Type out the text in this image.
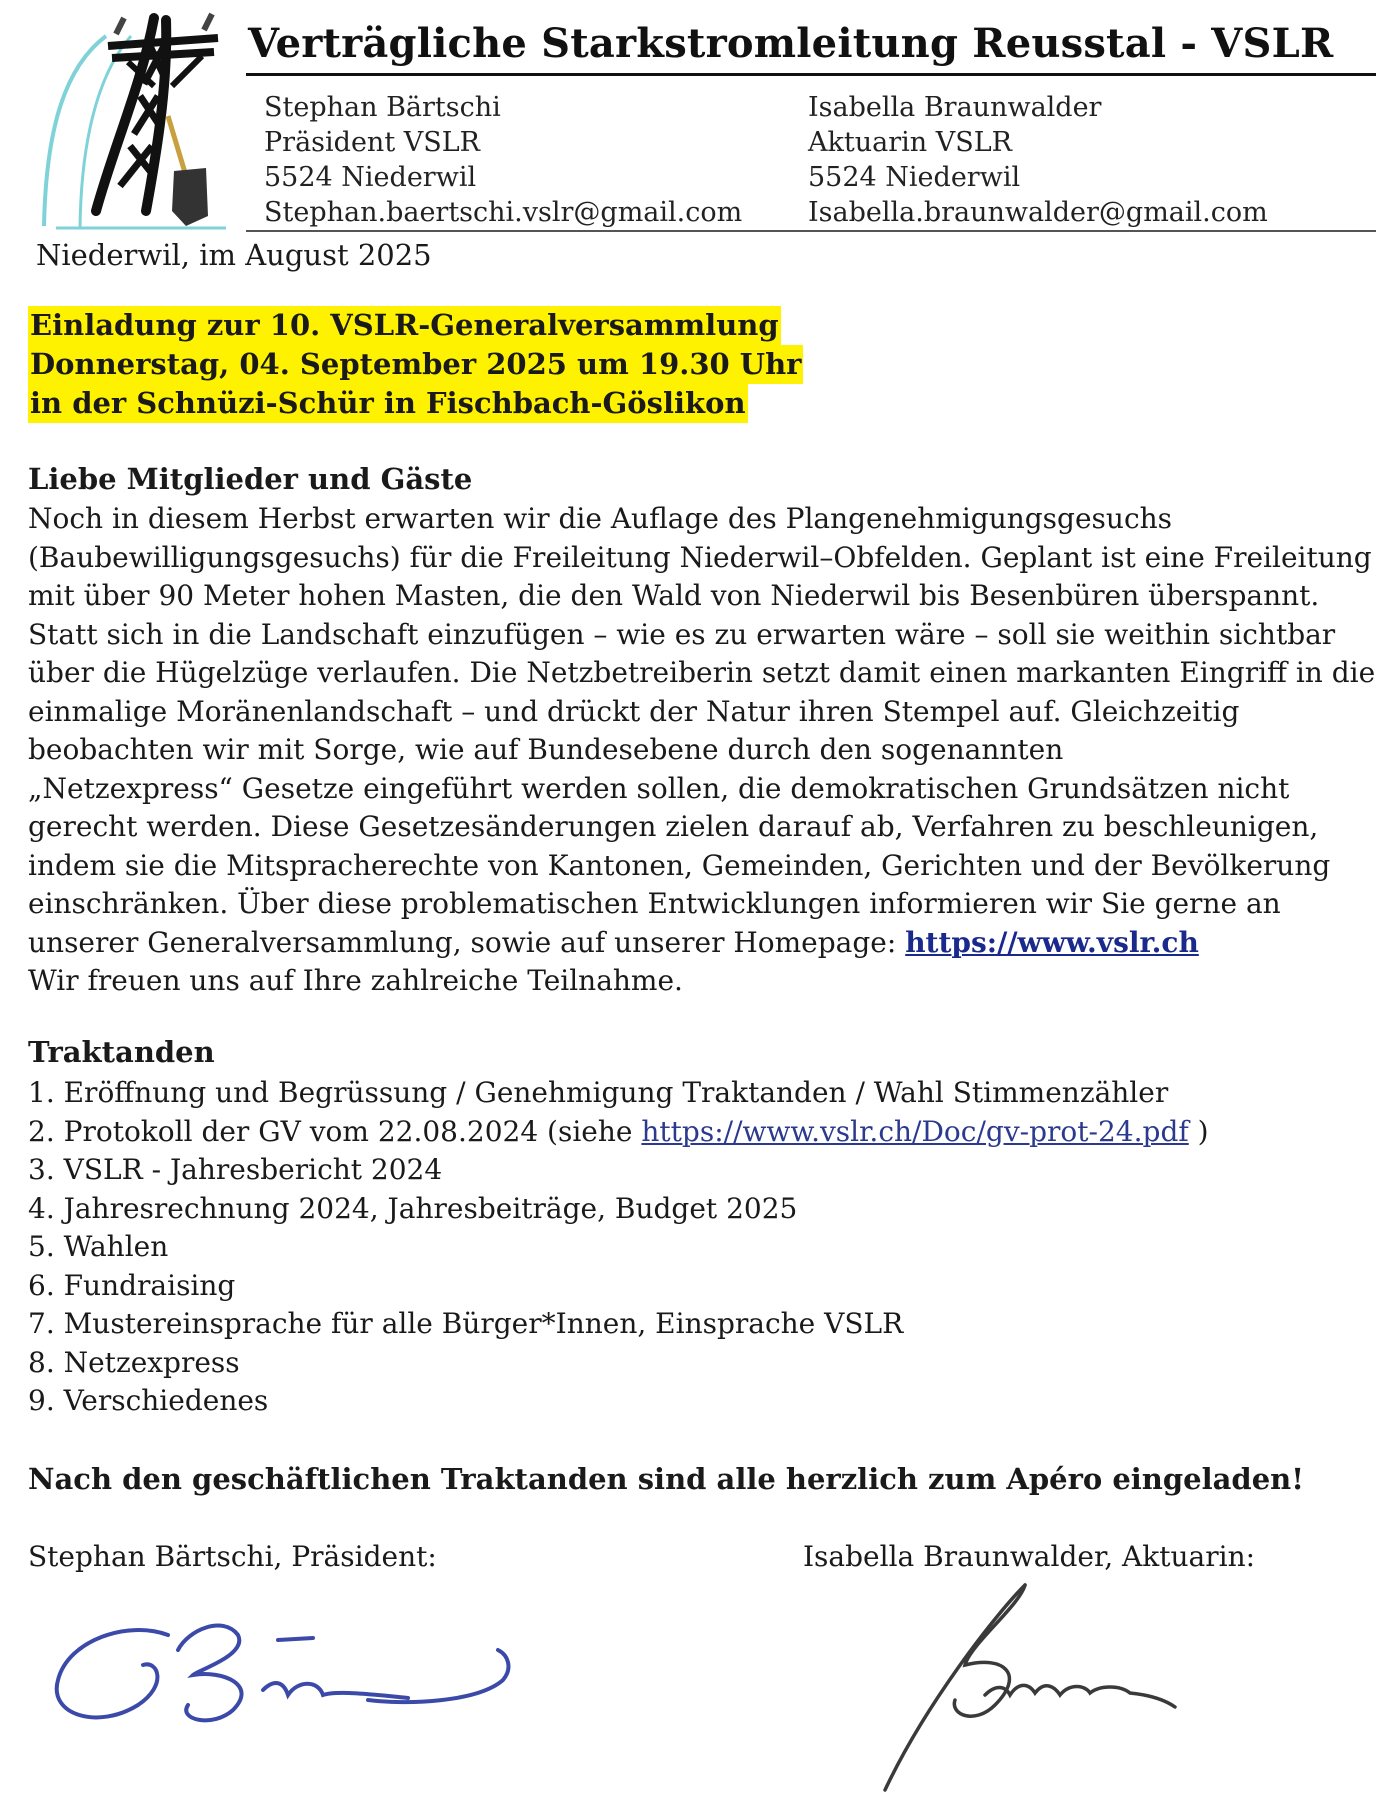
Verträgliche Starkstromleitung Reusstal - VSLR
Stephan Bärtschi
Präsident VSLR
5524 Niederwil
Stephan.baertschi.vslr@gmail.com
Isabella Braunwalder
Aktuarin VSLR
5524 Niederwil
Isabella.braunwalder@gmail.com
Niederwil, im August 2025
Einladung zur 10. VSLR-Generalversammlung
Donnerstag, 04. September 2025 um 19.30 Uhr
in der Schnüzi-Schür in Fischbach-Göslikon
Liebe Mitglieder und Gäste
Noch in diesem Herbst erwarten wir die Auflage des Plangenehmigungsgesuchs
(Baubewilligungsgesuchs) für die Freileitung Niederwil–Obfelden. Geplant ist eine Freileitung
mit über 90 Meter hohen Masten, die den Wald von Niederwil bis Besenbüren überspannt.
Statt sich in die Landschaft einzufügen – wie es zu erwarten wäre – soll sie weithin sichtbar
über die Hügelzüge verlaufen. Die Netzbetreiberin setzt damit einen markanten Eingriff in die
einmalige Moränenlandschaft – und drückt der Natur ihren Stempel auf. Gleichzeitig
beobachten wir mit Sorge, wie auf Bundesebene durch den sogenannten
„Netzexpress“ Gesetze eingeführt werden sollen, die demokratischen Grundsätzen nicht
gerecht werden. Diese Gesetzesänderungen zielen darauf ab, Verfahren zu beschleunigen,
indem sie die Mitspracherechte von Kantonen, Gemeinden, Gerichten und der Bevölkerung
einschränken. Über diese problematischen Entwicklungen informieren wir Sie gerne an
unserer Generalversammlung, sowie auf unserer Homepage: https://www.vslr.ch
Wir freuen uns auf Ihre zahlreiche Teilnahme.
Traktanden
1. Eröffnung und Begrüssung / Genehmigung Traktanden / Wahl Stimmenzähler
2. Protokoll der GV vom 22.08.2024 (siehe https://www.vslr.ch/Doc/gv-prot-24.pdf )
3. VSLR - Jahresbericht 2024
4. Jahresrechnung 2024, Jahresbeiträge, Budget 2025
5. Wahlen
6. Fundraising
7. Mustereinsprache für alle Bürger*Innen, Einsprache VSLR
8. Netzexpress
9. Verschiedenes
Nach den geschäftlichen Traktanden sind alle herzlich zum Apéro eingeladen!
Stephan Bärtschi, Präsident:	Isabella Braunwalder, Aktuarin:
